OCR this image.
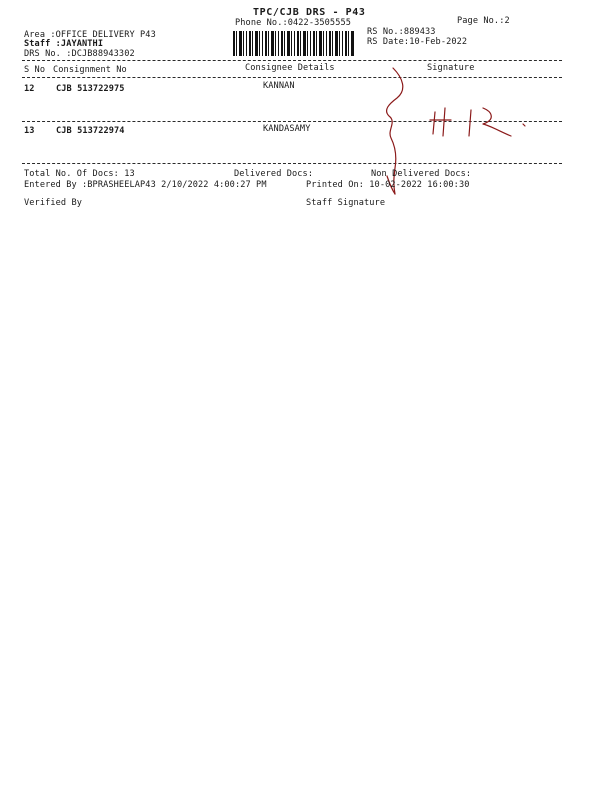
TPC/CJB DRS - P43
Phone No.:0422-3505555	Page No.:2
Area :OFFICE DELIVERY P43
Staff :JAYANTHI
DRS No. :DCJB88943302
RS No.:889433
RS Date:10-Feb-2022
S No Consignment No	Consignee Details	Signature
12 CJB 513722975	KANNAN
13 CJB 513722974	KANDASAMY
Total No. Of Docs: 13	Delivered Docs:	Non Delivered Docs:
Entered By :BPRASHEELAP43 2/10/2022 4:00:27 PM	Printed On: 10-02-2022 16:00:30
Verified By	Staff Signature
